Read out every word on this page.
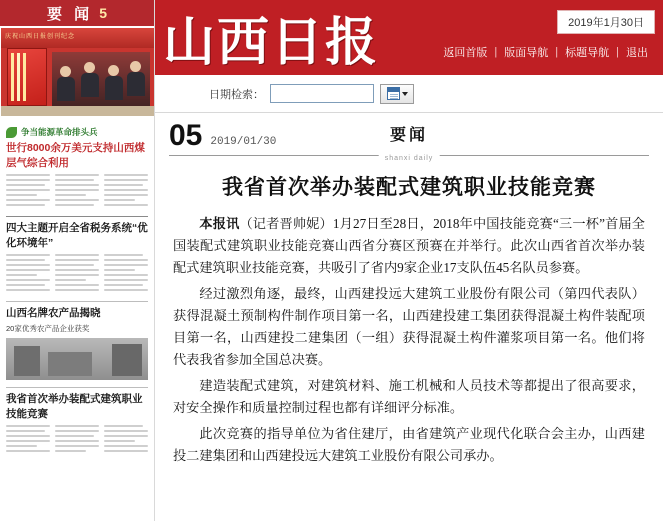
要 闻 5
庆祝山西日报创刊纪念
争当能源革命排头兵
世行8000余万美元支持山西煤层气综合利用
四大主题开启全省税务系统“优化环境年”
山西名牌农产品揭晓
20家优秀农产品企业获奖
我省首次举办装配式建筑职业技能竞赛
山西日报	2019年1月30日
返回首版 | 版面导航 | 标题导航 | 退出
日期检索：
05 2019/01/30	要闻
shanxi daily
我省首次举办装配式建筑职业技能竞赛

本报讯（记者晋帅妮）1月27日至28日，2018年中国技能竞赛“三一杯”首届全国装配式建筑职业技能竞赛山西省分赛区预赛在并举行。此次山西省首次举办装配式建筑职业技能竞赛，共吸引了省内9家企业17支队伍45名队员参赛。

经过激烈角逐，最终，山西建投远大建筑工业股份有限公司（第四代表队）获得混凝土预制构件制作项目第一名，山西建投建工集团获得混凝土构件装配项目第一名，山西建投二建集团（一组）获得混凝土构件灌浆项目第一名。他们将代表我省参加全国总决赛。

建造装配式建筑，对建筑材料、施工机械和人员技术等都提出了很高要求，对安全操作和质量控制过程也都有详细评分标准。

此次竞赛的指导单位为省住建厅，由省建筑产业现代化联合会主办，山西建投二建集团和山西建投远大建筑工业股份有限公司承办。
